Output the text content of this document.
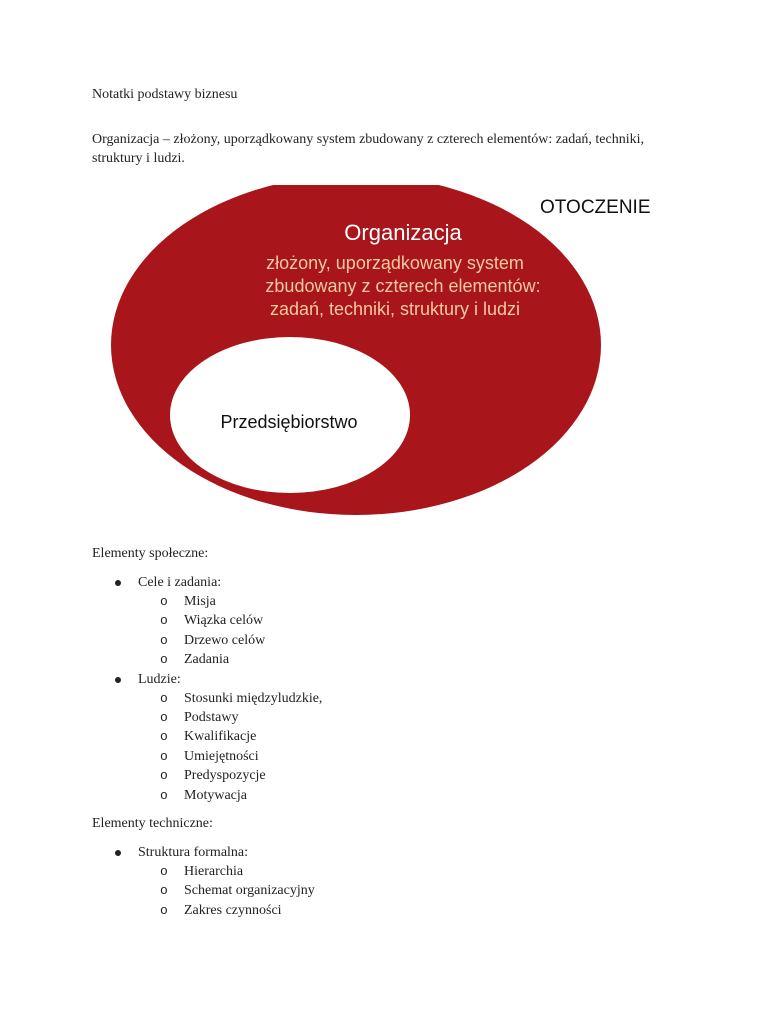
Notatki podstawy biznesu
Organizacja – złożony, uporządkowany system zbudowany z czterech elementów: zadań, techniki, struktury i ludzi.
OTOCZENIE
Organizacja
złożony, uporządkowany system
zbudowany z czterech elementów:
zadań, techniki, struktury i ludzi
Przedsiębiorstwo
Elementy społeczne:
Cele i zadania:
o Misja
o Wiązka celów
o Drzewo celów
o Zadania
Ludzie:
o Stosunki międzyludzkie,
o Podstawy
o Kwalifikacje
o Umiejętności
o Predyspozycje
o Motywacja
Elementy techniczne:
Struktura formalna:
o Hierarchia
o Schemat organizacyjny
o Zakres czynności
